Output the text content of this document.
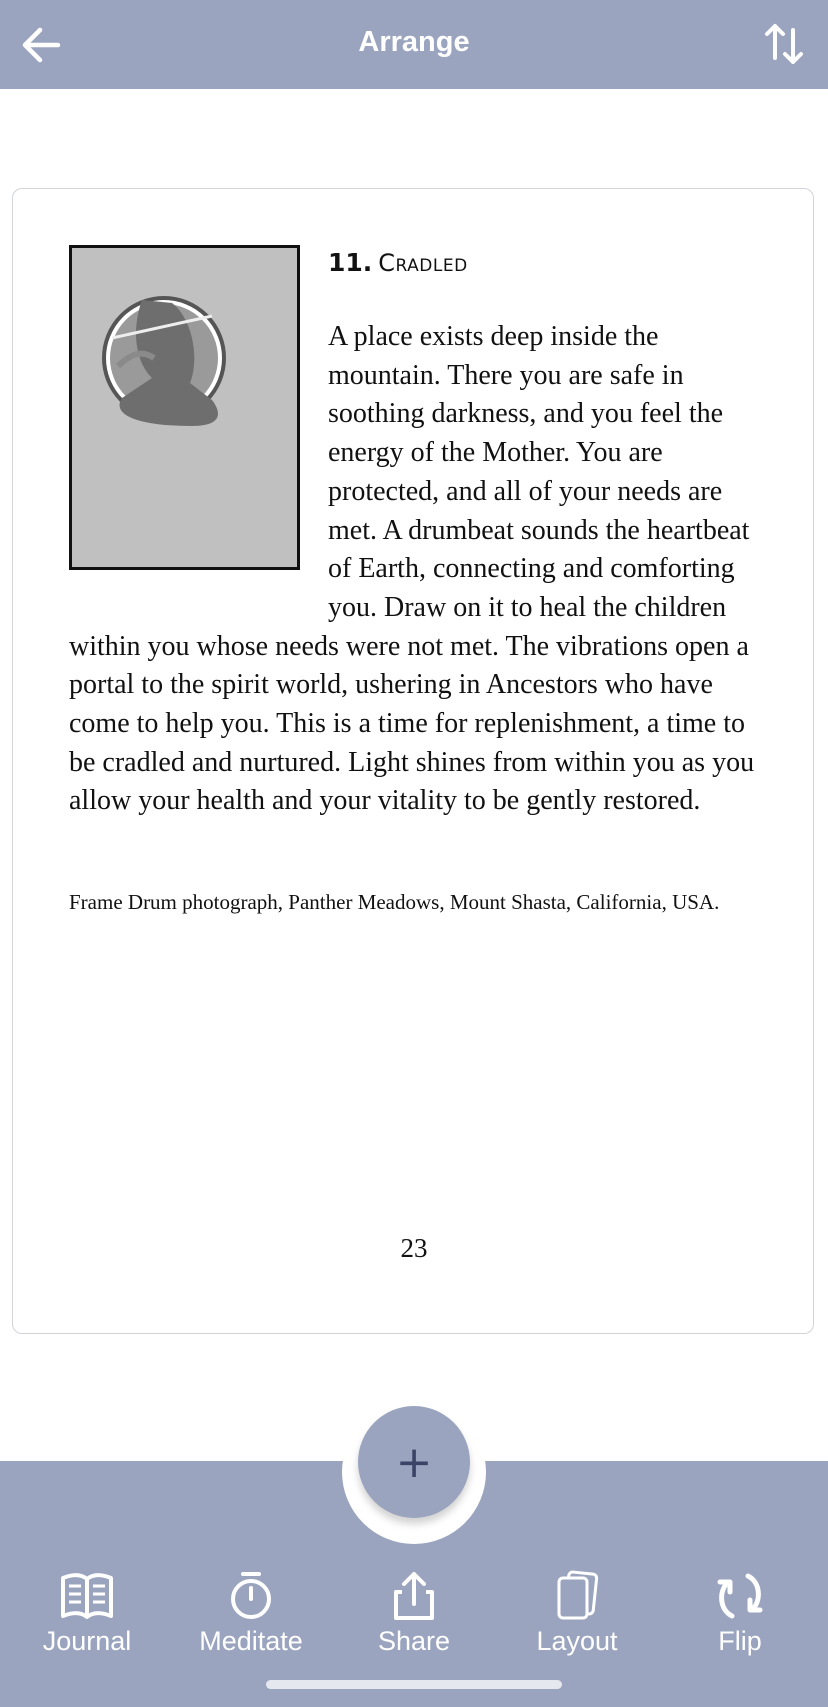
Arrange
11. Cradled
A place exists deep inside the mountain. There you are safe in soothing darkness, and you feel the energy of the Mother. You are protected, and all of your needs are met. A drumbeat sounds the heartbeat of Earth, connecting and comforting you. Draw on it to heal the children within you whose needs were not met. The vibrations open a portal to the spirit world, ushering in Ancestors who have come to help you. This is a time for replenishment, a time to be cradled and nurtured. Light shines from within you as you allow your health and your vitality to be gently restored.

Frame Drum photograph, Panther Meadows, Mount Shasta, California, USA.

23
+
Journal	Meditate	Share	Layout	Flip
